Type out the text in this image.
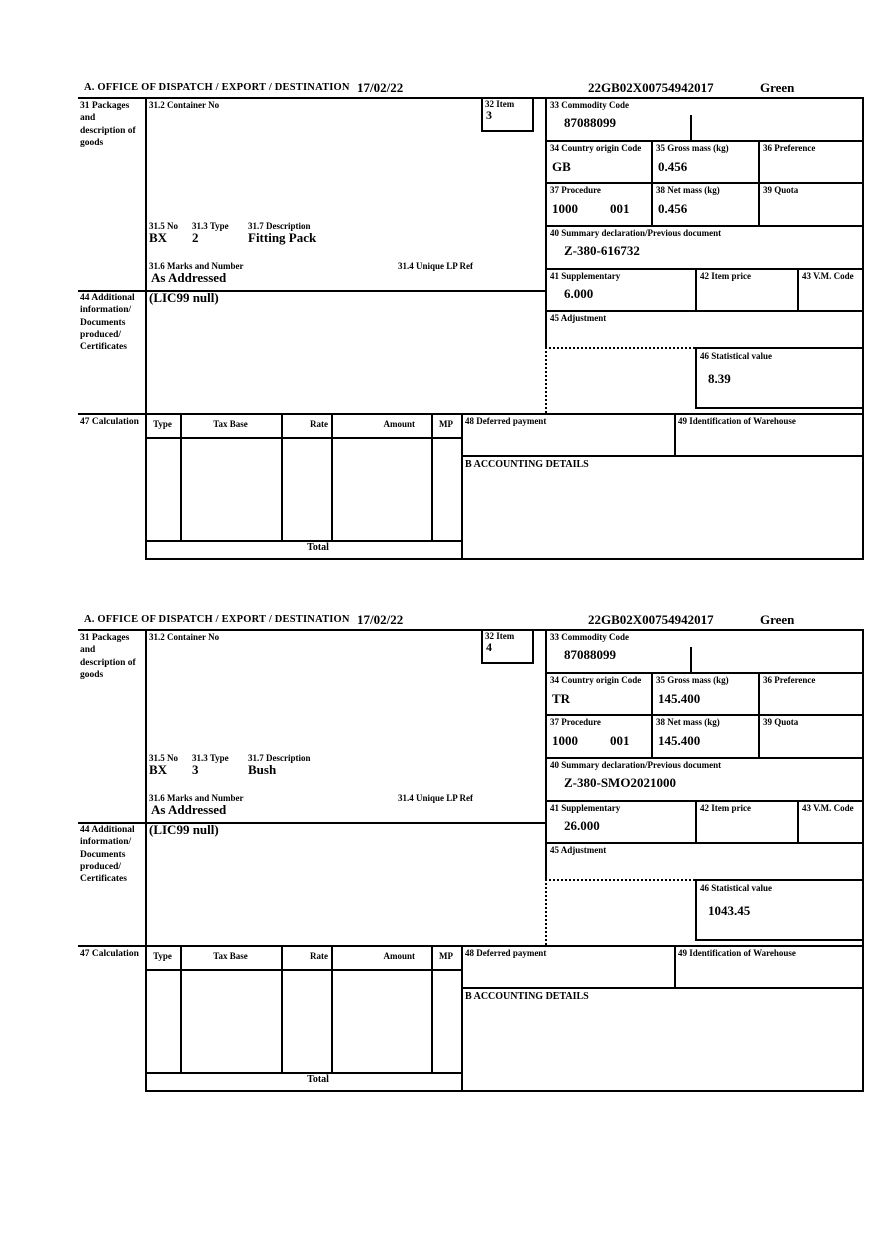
A. OFFICE OF DISPATCH / EXPORT / DESTINATION 17/02/22	22GB02X00754942017	Green
31 Packages and description of goods
31.2 Container No	32 Item
3
33 Commodity Code
87088099
34 Country origin Code
GB
35 Gross mass (kg)
0.456
36 Preference
37 Procedure
1000 001
38 Net mass (kg)
0.456
39 Quota
31.5 No 31.3 Type 31.7 Description
BX 2	Fitting Pack
31.6 Marks and Number	31.4 Unique LP Ref
As Addressed
40 Summary declaration/Previous document
Z-380-616732
41 Supplementary
6.000
42 Item price	43 V.M. Code
44 Additional information/ Documents produced/ Certificates
(LIC99 null)
45 Adjustment
46 Statistical value
8.39
47 Calculation	Type	Tax Base	Rate	Amount	MP
Total
48 Deferred payment	49 Identification of Warehouse
B ACCOUNTING DETAILS
A. OFFICE OF DISPATCH / EXPORT / DESTINATION 17/02/22	22GB02X00754942017	Green
31 Packages and description of goods
31.2 Container No	32 Item
4
33 Commodity Code
87088099
34 Country origin Code
TR
35 Gross mass (kg)
145.400
36 Preference
37 Procedure
1000 001
38 Net mass (kg)
145.400
39 Quota
31.5 No 31.3 Type 31.7 Description
BX 3	Bush
31.6 Marks and Number	31.4 Unique LP Ref
As Addressed
40 Summary declaration/Previous document
Z-380-SMO2021000
41 Supplementary
26.000
42 Item price	43 V.M. Code
44 Additional information/ Documents produced/ Certificates
(LIC99 null)
45 Adjustment
46 Statistical value
1043.45
47 Calculation	Type	Tax Base	Rate	Amount	MP
Total
48 Deferred payment	49 Identification of Warehouse
B ACCOUNTING DETAILS
